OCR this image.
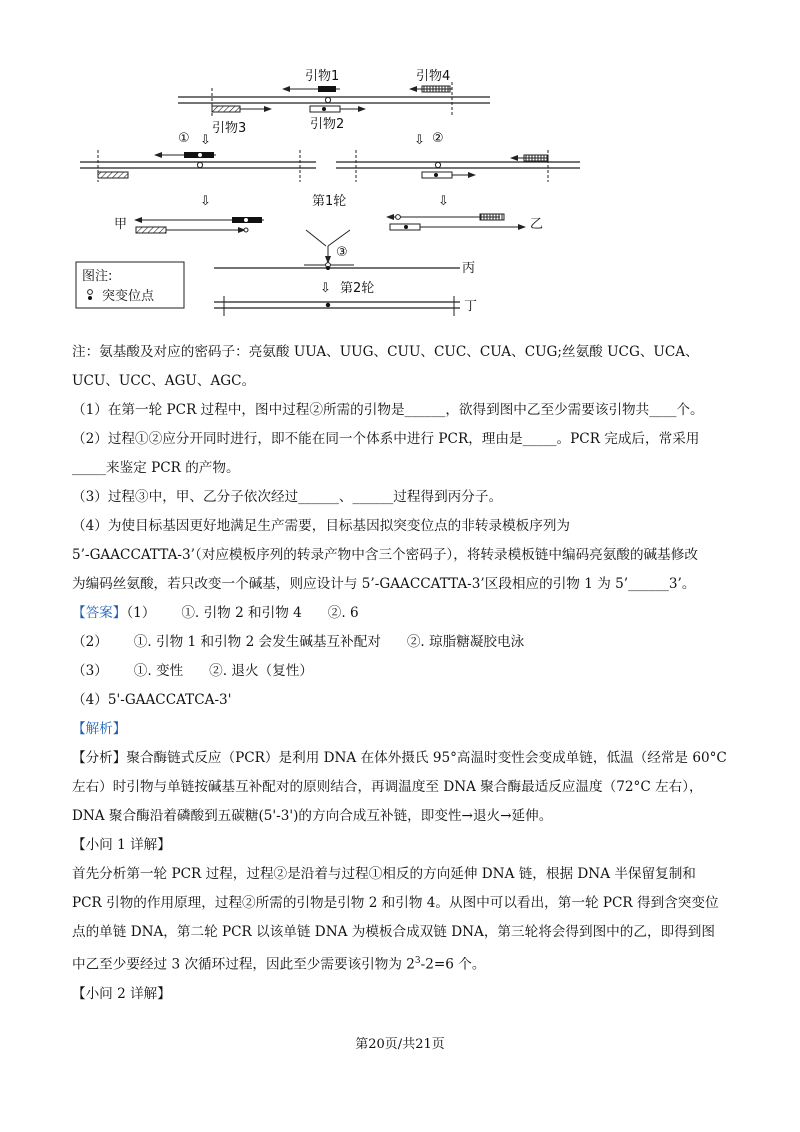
引物1	引物4
引物3	引物2
① ⇩	⇩ ②
第1轮
⇩	⇩
甲	乙
③
丙
⇩ 第2轮
丁
图注:
突变位点

注：氨基酸及对应的密码子：亮氨酸 UUA、UUG、CUU、CUC、CUA、CUG;丝氨酸 UCG、UCA、

UCU、UCC、AGU、AGC。

（1）在第一轮 PCR 过程中，图中过程②所需的引物是______，欲得到图中乙至少需要该引物共____个。

（2）过程①②应分开同时进行，即不能在同一个体系中进行 PCR，理由是_____。PCR 完成后，常采用

_____来鉴定 PCR 的产物。

（3）过程③中，甲、乙分子依次经过______、______过程得到丙分子。

（4）为使目标基因更好地满足生产需要，目标基因拟突变位点的非转录模板序列为

5’-GAACCATTA-3’（对应模板序列的转录产物中含三个密码子），将转录模板链中编码亮氨酸的碱基修改

为编码丝氨酸，若只改变一个碱基，则应设计与 5’-GAACCATTA-3’区段相应的引物 1 为 5’______3’。

【答案】（1）      ①. 引物 2 和引物 4      ②. 6

（2）      ①. 引物 1 和引物 2 会发生碱基互补配对      ②. 琼脂糖凝胶电泳

（3）      ①. 变性      ②. 退火（复性）

（4）5'-GAACCATCA-3'

【解析】

【分析】聚合酶链式反应（PCR）是利用 DNA 在体外摄氏 95°高温时变性会变成单链，低温（经常是 60°C

左右）时引物与单链按碱基互补配对的原则结合，再调温度至 DNA 聚合酶最适反应温度（72°C 左右），

DNA 聚合酶沿着磷酸到五碳糖(5'-3')的方向合成互补链，即变性→退火→延伸。

【小问 1 详解】

首先分析第一轮 PCR 过程，过程②是沿着与过程①相反的方向延伸 DNA 链，根据 DNA 半保留复制和

PCR 引物的作用原理，过程②所需的引物是引物 2 和引物 4。从图中可以看出，第一轮 PCR 得到含突变位

点的单链 DNA，第二轮 PCR 以该单链 DNA 为模板合成双链 DNA，第三轮将会得到图中的乙，即得到图

中乙至少要经过 3 次循环过程，因此至少需要该引物为 $2^3-2=6$ 个。

【小问 2 详解】

第20页/共21页
